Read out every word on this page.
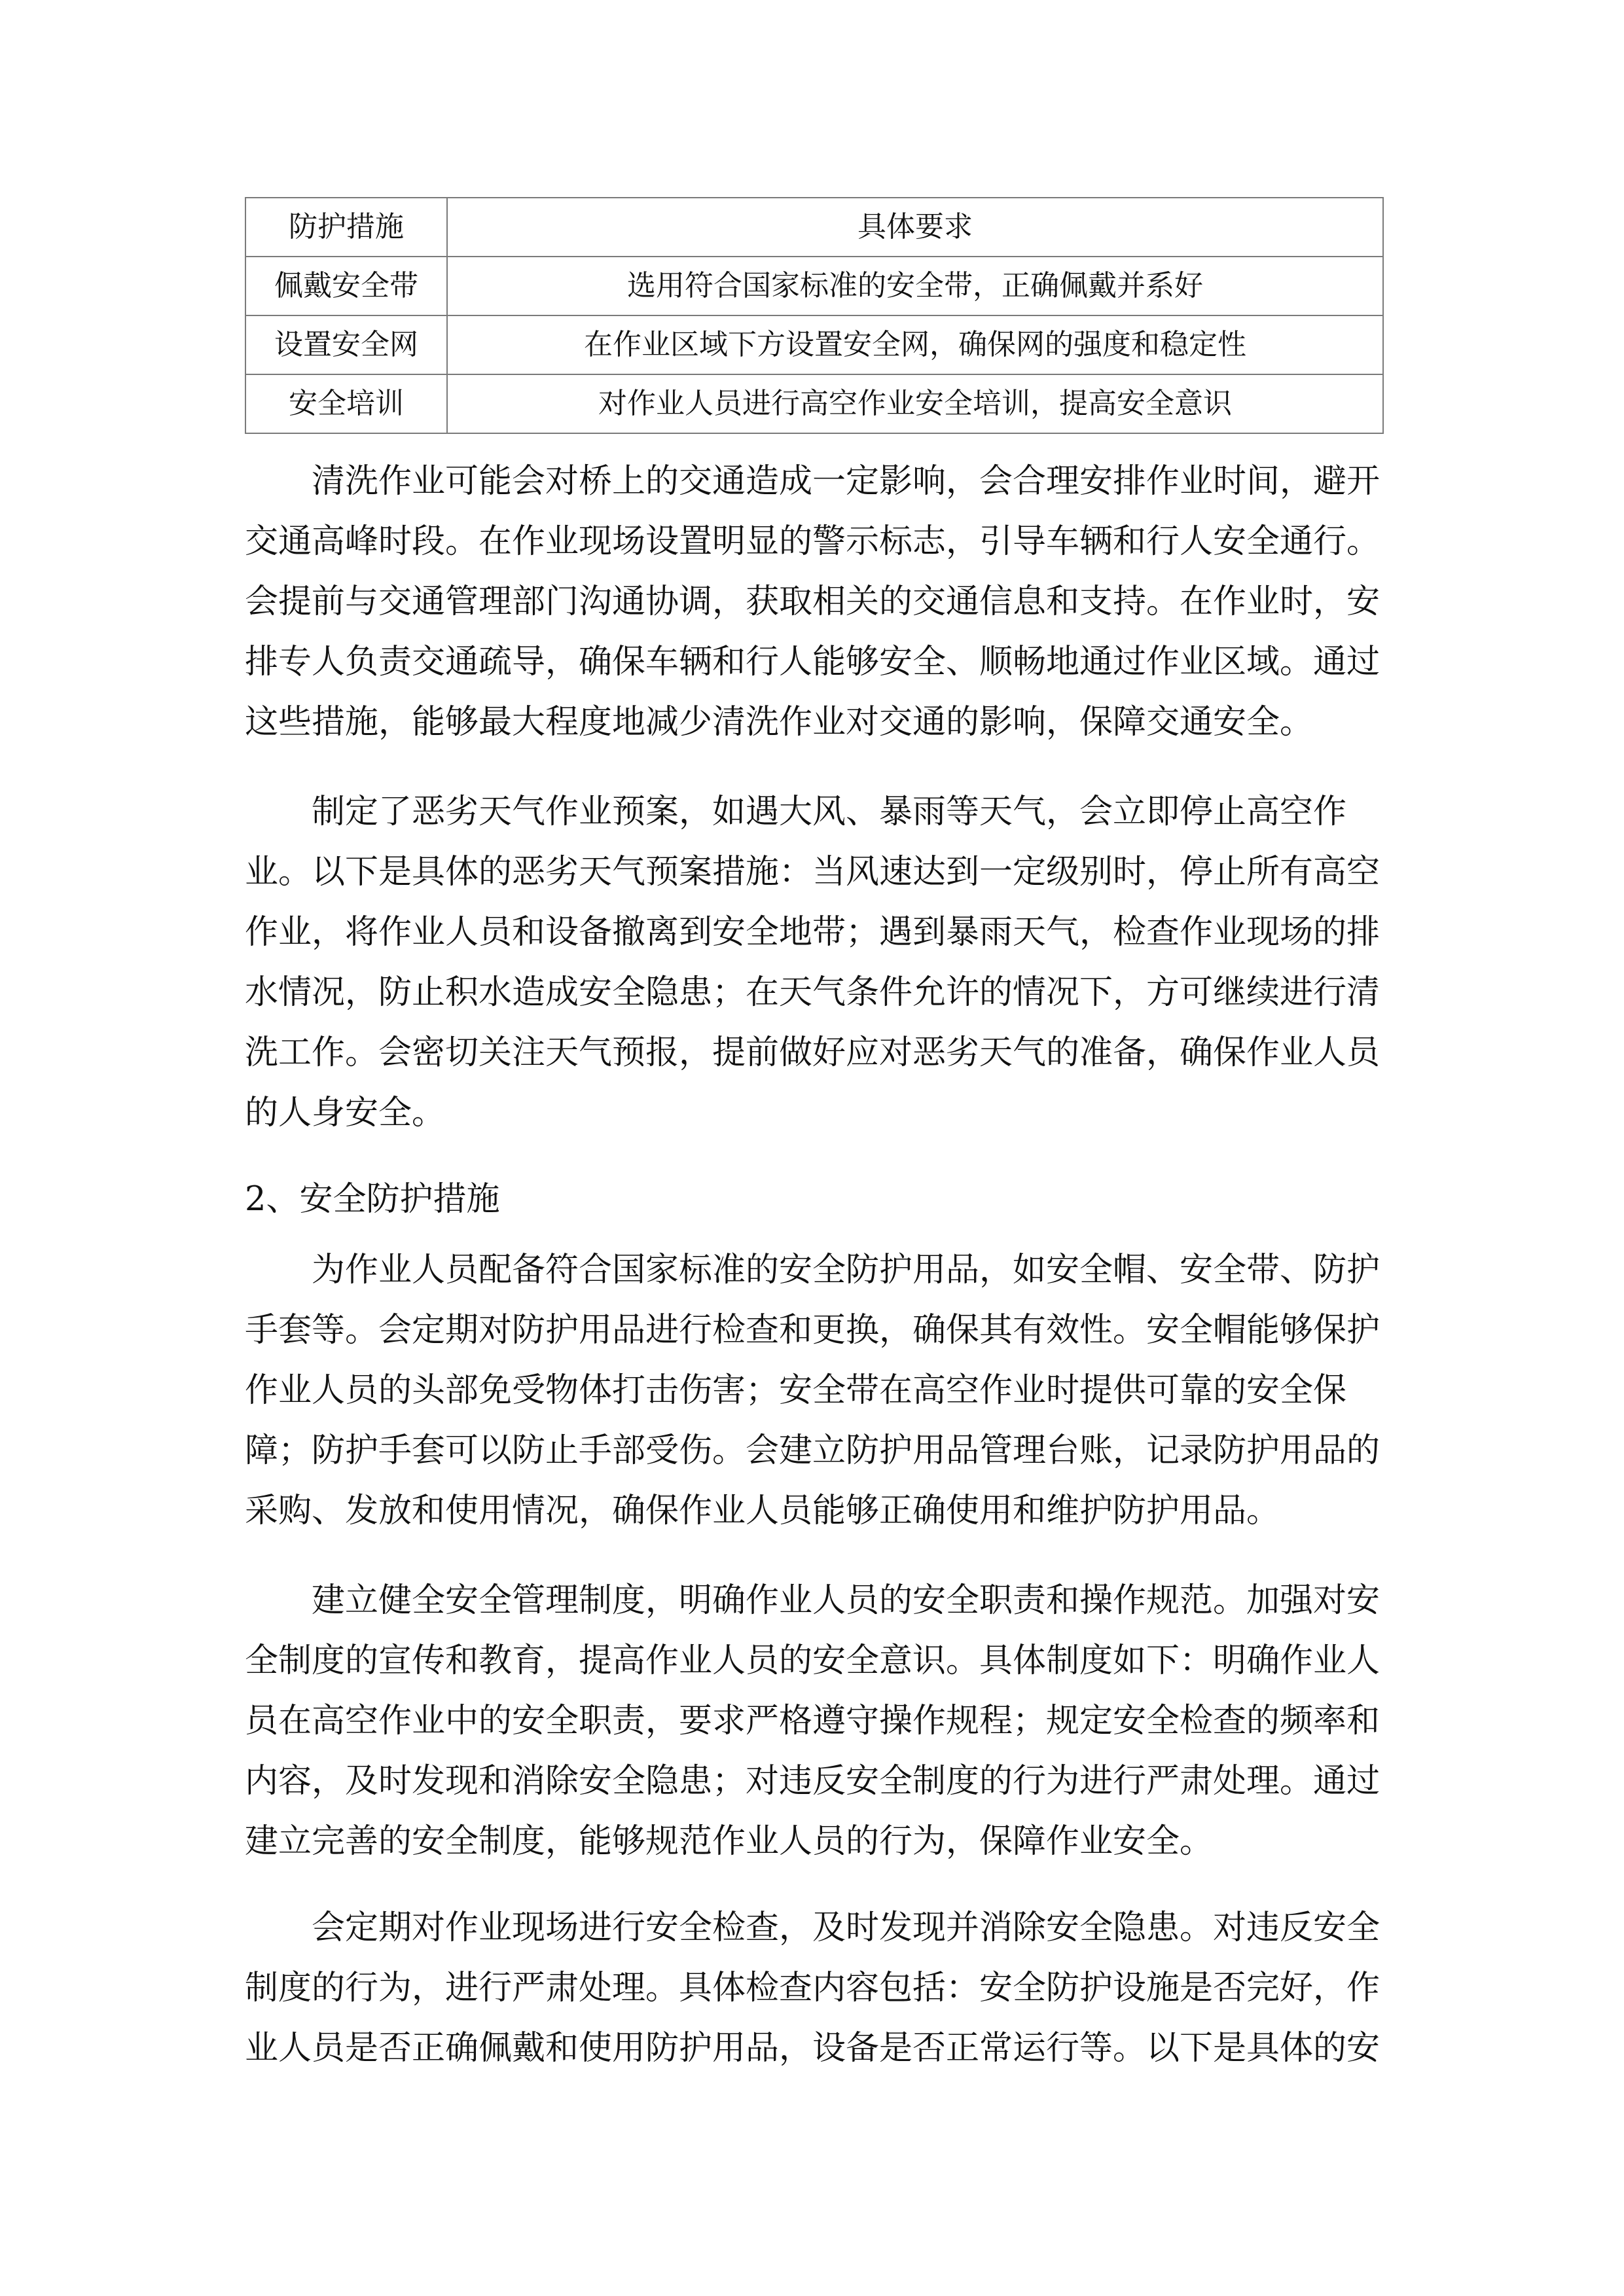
防护措施	具体要求
佩戴安全带	选用符合国家标准的安全带，正确佩戴并系好
设置安全网	在作业区域下方设置安全网，确保网的强度和稳定性
安全培训	对作业人员进行高空作业安全培训，提高安全意识

清洗作业可能会对桥上的交通造成一定影响，会合理安排作业时间，避开
交通高峰时段。在作业现场设置明显的警示标志，引导车辆和行人安全通行。
会提前与交通管理部门沟通协调，获取相关的交通信息和支持。在作业时，安
排专人负责交通疏导，确保车辆和行人能够安全、顺畅地通过作业区域。通过
这些措施，能够最大程度地减少清洗作业对交通的影响，保障交通安全。

制定了恶劣天气作业预案，如遇大风、暴雨等天气，会立即停止高空作
业。以下是具体的恶劣天气预案措施：当风速达到一定级别时，停止所有高空
作业，将作业人员和设备撤离到安全地带；遇到暴雨天气，检查作业现场的排
水情况，防止积水造成安全隐患；在天气条件允许的情况下，方可继续进行清
洗工作。会密切关注天气预报，提前做好应对恶劣天气的准备，确保作业人员
的人身安全。

2、安全防护措施

为作业人员配备符合国家标准的安全防护用品，如安全帽、安全带、防护
手套等。会定期对防护用品进行检查和更换，确保其有效性。安全帽能够保护
作业人员的头部免受物体打击伤害；安全带在高空作业时提供可靠的安全保
障；防护手套可以防止手部受伤。会建立防护用品管理台账，记录防护用品的
采购、发放和使用情况，确保作业人员能够正确使用和维护防护用品。

建立健全安全管理制度，明确作业人员的安全职责和操作规范。加强对安
全制度的宣传和教育，提高作业人员的安全意识。具体制度如下：明确作业人
员在高空作业中的安全职责，要求严格遵守操作规程；规定安全检查的频率和
内容，及时发现和消除安全隐患；对违反安全制度的行为进行严肃处理。通过
建立完善的安全制度，能够规范作业人员的行为，保障作业安全。

会定期对作业现场进行安全检查，及时发现并消除安全隐患。对违反安全
制度的行为，进行严肃处理。具体检查内容包括：安全防护设施是否完好，作
业人员是否正确佩戴和使用防护用品，设备是否正常运行等。以下是具体的安
